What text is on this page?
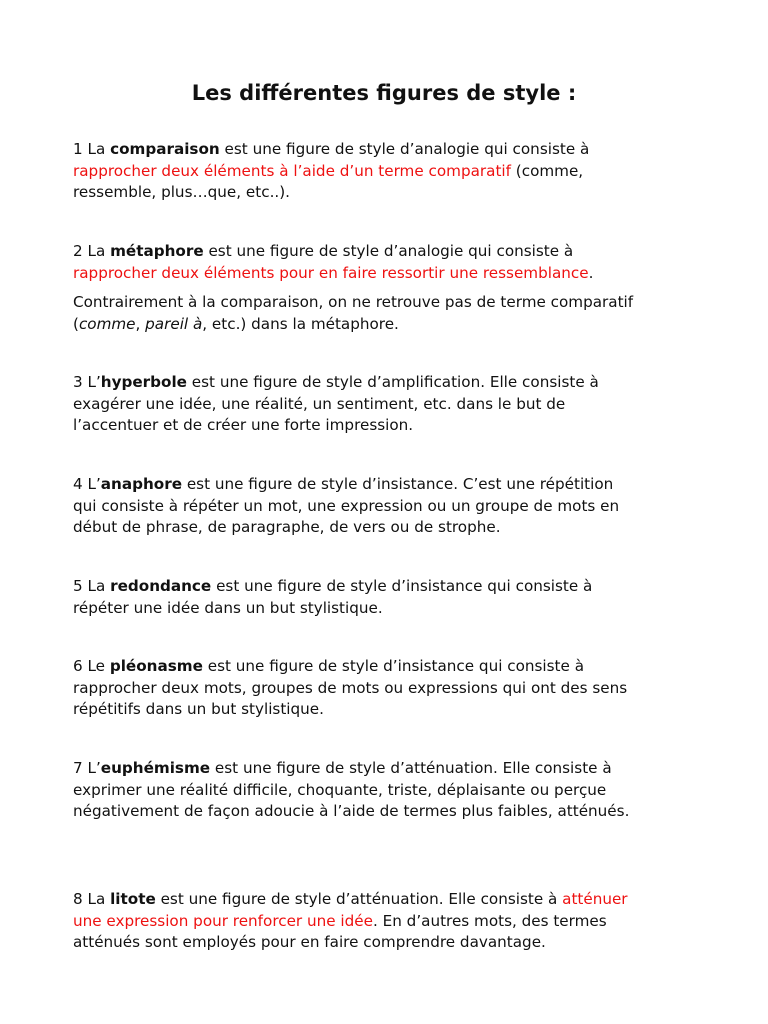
Les différentes figures de style :
1 La comparaison est une figure de style d’analogie qui consiste à
rapprocher deux éléments à l’aide d’un terme comparatif (comme,
ressemble, plus…que, etc..).
2 La métaphore est une figure de style d’analogie qui consiste à
rapprocher deux éléments pour en faire ressortir une ressemblance.
Contrairement à la comparaison, on ne retrouve pas de terme comparatif
(comme, pareil à, etc.) dans la métaphore.
3 L’hyperbole est une figure de style d’amplification. Elle consiste à
exagérer une idée, une réalité, un sentiment, etc. dans le but de
l’accentuer et de créer une forte impression.
4 L’anaphore est une figure de style d’insistance. C’est une répétition
qui consiste à répéter un mot, une expression ou un groupe de mots en
début de phrase, de paragraphe, de vers ou de strophe.
5 La redondance est une figure de style d’insistance qui consiste à
répéter une idée dans un but stylistique.
6 Le pléonasme est une figure de style d’insistance qui consiste à
rapprocher deux mots, groupes de mots ou expressions qui ont des sens
répétitifs dans un but stylistique.
7 L’euphémisme est une figure de style d’atténuation. Elle consiste à
exprimer une réalité difficile, choquante, triste, déplaisante ou perçue
négativement de façon adoucie à l’aide de termes plus faibles, atténués.
8 La litote est une figure de style d’atténuation. Elle consiste à atténuer
une expression pour renforcer une idée. En d’autres mots, des termes
atténués sont employés pour en faire comprendre davantage.
